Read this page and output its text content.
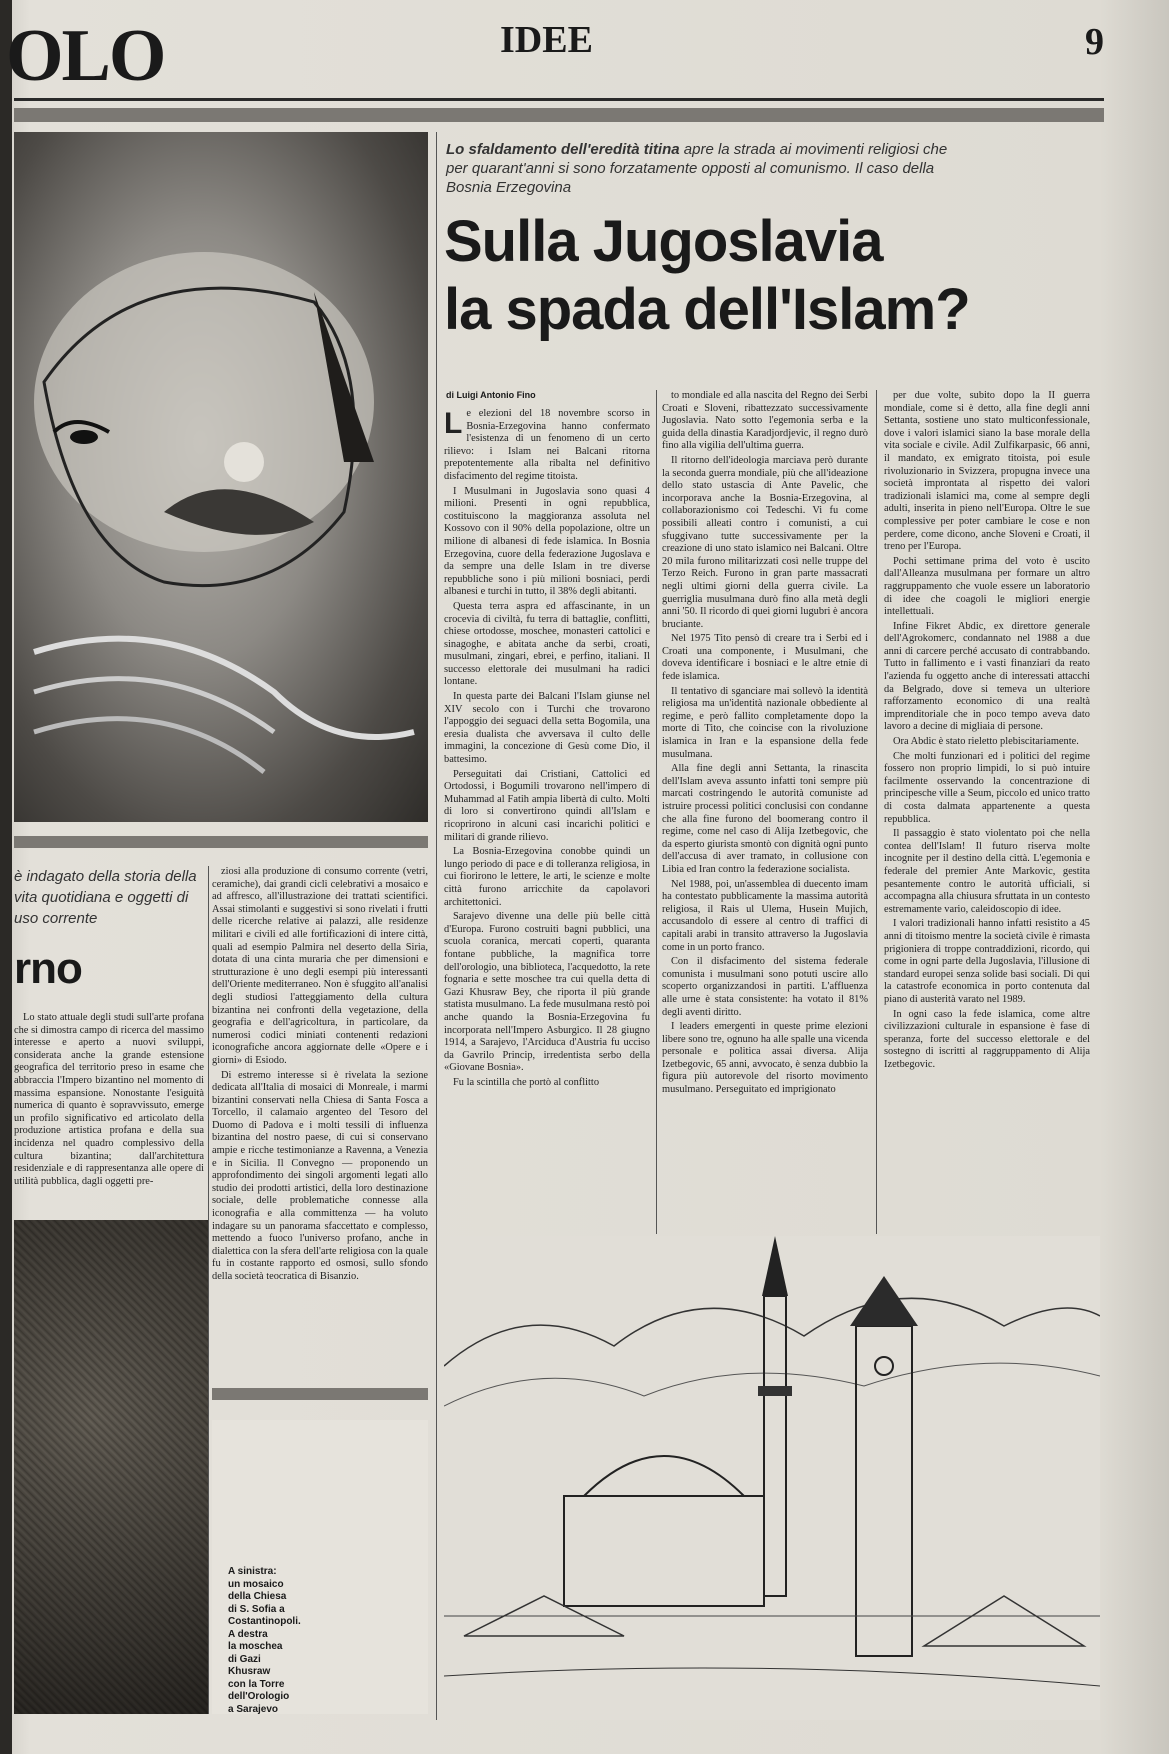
OLO	IDEE	9
Lo sfaldamento dell'eredità titina apre la strada ai movimenti religiosi che per quarant'anni si sono forzatamente opposti al comunismo. Il caso della Bosnia Erzegovina
Sulla Jugoslavia
la spada dell'Islam?
di Luigi Antonio Fino

Le elezioni del 18 novembre scorso in Bosnia-Erzegovina hanno confermato l'esistenza di un fenomeno di un certo rilievo: i Islam nei Balcani ritorna prepotentemente alla ribalta nel definitivo disfacimento del regime titoista.

I Musulmani in Jugoslavia sono quasi 4 milioni. Presenti in ogni repubblica, costituiscono la maggioranza assoluta nel Kossovo con il 90% della popolazione, oltre un milione di albanesi di fede islamica. In Bosnia Erzegovina, cuore della federazione Jugoslava e da sempre una delle Islam in tre diverse repubbliche sono i più milioni bosniaci, perdi albanesi e turchi in tutto, il 38% degli abitanti.

Questa terra aspra ed affascinante, in un crocevia di civiltà, fu terra di battaglie, conflitti, chiese ortodosse, moschee, monasteri cattolici e sinagoghe, e abitata anche da serbi, croati, musulmani, zingari, ebrei, e perfino, italiani. Il successo elettorale dei musulmani ha radici lontane.

In questa parte dei Balcani l'Islam giunse nel XIV secolo con i Turchi che trovarono l'appoggio dei seguaci della setta Bogomila, una eresia dualista che avversava il culto delle immagini, la concezione di Gesù come Dio, il battesimo.

Perseguitati dai Cristiani, Cattolici ed Ortodossi, i Bogumili trovarono nell'impero di Muhammad al Fatih ampia libertà di culto. Molti di loro si convertirono quindi all'Islam e ricoprirono in alcuni casi incarichi politici e militari di grande rilievo.

La Bosnia-Erzegovina conobbe quindi un lungo periodo di pace e di tolleranza religiosa, in cui fiorirono le lettere, le arti, le scienze e molte città furono arricchite da capolavori architettonici.

Sarajevo divenne una delle più belle città d'Europa. Furono costruiti bagni pubblici, una scuola coranica, mercati coperti, quaranta fontane pubbliche, la magnifica torre dell'orologio, una biblioteca, l'acquedotto, la rete fognaria e sette moschee tra cui quella detta di Gazi Khusraw Bey, che riporta il più grande statista musulmano. La fede musulmana restò poi anche quando la Bosnia-Erzegovina fu incorporata nell'Impero Asburgico. Il 28 giugno 1914, a Sarajevo, l'Arciduca d'Austria fu ucciso da Gavrilo Princip, irredentista serbo della «Giovane Bosnia».

Fu la scintilla che portò al conflitto

to mondiale ed alla nascita del Regno dei Serbi Croati e Sloveni, ribattezzato successivamente Jugoslavia. Nato sotto l'egemonia serba e la guida della dinastia Karadjordjevic, il regno durò fino alla vigilia dell'ultima guerra.

Il ritorno dell'ideologia marciava però durante la seconda guerra mondiale, più che all'ideazione dello stato ustascia di Ante Pavelic, che incorporava anche la Bosnia-Erzegovina, al collaborazionismo coi Tedeschi. Vi fu come possibili alleati contro i comunisti, a cui sfuggivano tutte successivamente per la creazione di uno stato islamico nei Balcani. Oltre 20 mila furono militarizzati così nelle truppe del Terzo Reich. Furono in gran parte massacrati negli ultimi giorni della guerra civile. La guerriglia musulmana durò fino alla metà degli anni '50. Il ricordo di quei giorni lugubri è ancora bruciante.

Nel 1975 Tito pensò di creare tra i Serbi ed i Croati una componente, i Musulmani, che doveva identificare i bosniaci e le altre etnie di fede islamica.

Il tentativo di sganciare mai sollevò la identità religiosa ma un'identità nazionale obbediente al regime, e però fallito completamente dopo la morte di Tito, che coincise con la rivoluzione islamica in Iran e la espansione della fede musulmana.

Alla fine degli anni Settanta, la rinascita dell'Islam aveva assunto infatti toni sempre più marcati costringendo le autorità comuniste ad istruire processi politici conclusisi con condanne che alla fine furono del boomerang contro il regime, come nel caso di Alija Izetbegovic, che da esperto giurista smontò con dignità ogni punto dell'accusa di aver tramato, in collusione con Libia ed Iran contro la federazione socialista.

Nel 1988, poi, un'assemblea di duecento imam ha contestato pubblicamente la massima autorità religiosa, il Rais ul Ulema, Husein Mujich, accusandolo di essere al centro di traffici di capitali arabi in transito attraverso la Jugoslavia come in un porto franco.

Con il disfacimento del sistema federale comunista i musulmani sono potuti uscire allo scoperto organizzandosi in partiti. L'affluenza alle urne è stata consistente: ha votato il 81% degli aventi diritto.

I leaders emergenti in queste prime elezioni libere sono tre, ognuno ha alle spalle una vicenda personale e politica assai diversa. Alija Izetbegovic, 65 anni, avvocato, è senza dubbio la figura più autorevole del risorto movimento musulmano. Perseguitato ed imprigionato

per due volte, subito dopo la II guerra mondiale, come si è detto, alla fine degli anni Settanta, sostiene uno stato multiconfessionale, dove i valori islamici siano la base morale della vita sociale e civile. Adil Zulfikarpasic, 66 anni, il mandato, ex emigrato titoista, poi esule rivoluzionario in Svizzera, propugna invece una società improntata al rispetto dei valori tradizionali islamici ma, come al sempre degli adulti, inserita in pieno nell'Europa. Oltre le sue complessive per poter cambiare le cose e non perdere, come dicono, anche Sloveni e Croati, il treno per l'Europa.

Pochi settimane prima del voto è uscito dall'Alleanza musulmana per formare un altro raggruppamento che vuole essere un laboratorio di idee che coagoli le migliori energie intellettuali.

Infine Fikret Abdic, ex direttore generale dell'Agrokomerc, condannato nel 1988 a due anni di carcere perché accusato di contrabbando. Tutto in fallimento e i vasti finanziari da reato l'azienda fu oggetto anche di interessati attacchi da Belgrado, dove si temeva un ulteriore rafforzamento economico di una realtà imprenditoriale che in poco tempo aveva dato lavoro a decine di migliaia di persone.

Ora Abdic è stato rieletto plebiscitariamente.

Che molti funzionari ed i politici del regime fossero non proprio limpidi, lo si può intuire facilmente osservando la concentrazione di principesche ville a Seum, piccolo ed unico tratto di costa dalmata appartenente a questa repubblica.

Il passaggio è stato violentato poi che nella contea dell'Islam! Il futuro riserva molte incognite per il destino della città. L'egemonia e federale del premier Ante Markovic, gestita pesantemente contro le autorità ufficiali, si accompagna alla chiusura sfruttata in un contesto estremamente vario, caleidoscopio di idee.

I valori tradizionali hanno infatti resistito a 45 anni di titoismo mentre la società civile è rimasta prigioniera di troppe contraddizioni, ricordo, qui come in ogni parte della Jugoslavia, l'illusione di standard europei senza solide basi sociali. Di qui la catastrofe economica in porto contenuta dal piano di austerità varato nel 1989.

In ogni caso la fede islamica, come altre civilizzazioni culturale in espansione è fase di speranza, forte del successo elettorale e del sostegno di iscritti al raggruppamento di Alija Izetbegovic.

è indagato della storia della vita quotidiana e oggetti di uso corrente
rno

Lo stato attuale degli studi sull'arte profana che si dimostra campo di ricerca del massimo interesse e aperto a nuovi sviluppi, considerata anche la grande estensione geografica del territorio preso in esame che abbraccia l'Impero bizantino nel momento di massima espansione. Nonostante l'esiguità numerica di quanto è sopravvissuto, emerge un profilo significativo ed articolato della produzione artistica profana e della sua incidenza nel quadro complessivo della cultura bizantina; dall'architettura residenziale e di rappresentanza alle opere di utilità pubblica, dagli oggetti pre-

ziosi alla produzione di consumo corrente (vetri, ceramiche), dai grandi cicli celebrativi a mosaico e ad affresco, all'illustrazione dei trattati scientifici. Assai stimolanti e suggestivi si sono rivelati i frutti delle ricerche relative ai palazzi, alle residenze militari e civili ed alle fortificazioni di intere città, quali ad esempio Palmira nel deserto della Siria, dotata di una cinta muraria che per dimensioni e strutturazione è uno degli esempi più interessanti dell'Oriente mediterraneo. Non è sfuggito all'analisi degli studiosi l'atteggiamento della cultura bizantina nei confronti della vegetazione, della geografia e dell'agricoltura, in particolare, da numerosi codici miniati contenenti redazioni iconografiche ancora aggiornate delle «Opere e i giorni» di Esiodo.

Di estremo interesse si è rivelata la sezione dedicata all'Italia di mosaici di Monreale, i marmi bizantini conservati nella Chiesa di Santa Fosca a Torcello, il calamaio argenteo del Tesoro del Duomo di Padova e i molti tessili di influenza bizantina del nostro paese, di cui si conservano ampie e ricche testimonianze a Ravenna, a Venezia e in Sicilia. Il Convegno — proponendo un approfondimento dei singoli argomenti legati allo studio dei prodotti artistici, della loro destinazione sociale, delle problematiche connesse alla iconografia e alla committenza — ha voluto indagare su un panorama sfaccettato e complesso, mettendo a fuoco l'universo profano, anche in dialettica con la sfera dell'arte religiosa con la quale fu in costante rapporto ed osmosi, sullo sfondo della società teocratica di Bisanzio.

A sinistra:
un mosaico
della Chiesa
di S. Sofia a
Costantinopoli.
A destra
la moschea
di Gazi
Khusraw
con la Torre
dell'Orologio
a Sarajevo
